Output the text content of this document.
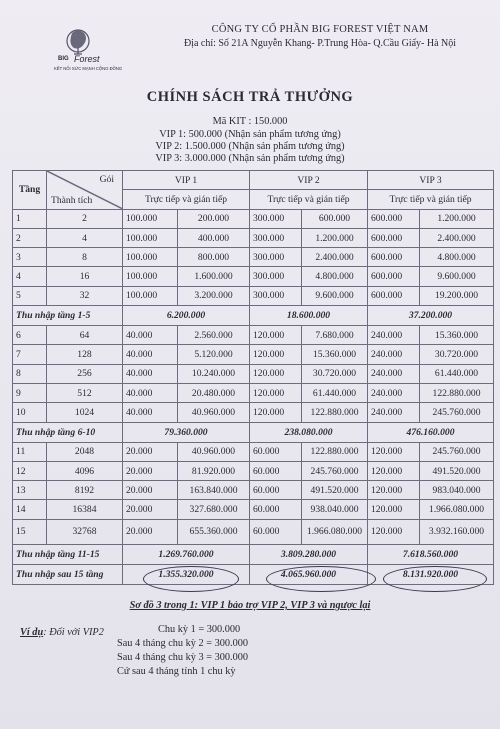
BIG Forest
KẾT NỐI SỨC MẠNH CỘNG ĐỒNG
CÔNG TY CỔ PHẦN BIG FOREST VIỆT NAM
Địa chỉ: Số 21A Nguyễn Khang- P.Trung Hòa- Q.Cầu Giấy- Hà Nội
CHÍNH SÁCH TRẢ THƯỞNG
Mã KIT : 150.000
VIP 1: 500.000 (Nhận sản phẩm tương ứng)
VIP 2: 1.500.000 (Nhận sản phẩm tương ứng)
VIP 3: 3.000.000 (Nhận sản phẩm tương ứng)
Tầng	Gói
Thành tích	VIP 1		VIP 2		VIP 3	
		Trực tiếp và gián tiếp		Trực tiếp và gián tiếp		Trực tiếp và gián tiếp	
1	2	100.000	200.000	300.000	600.000	600.000	1.200.000
2	4	100.000	400.000	300.000	1.200.000	600.000	2.400.000
3	8	100.000	800.000	300.000	2.400.000	600.000	4.800.000
4	16	100.000	1.600.000	300.000	4.800.000	600.000	9.600.000
5	32	100.000	3.200.000	300.000	9.600.000	600.000	19.200.000
Thu nhập tầng 1-5		6.200.000		18.600.000		37.200.000	
6	64	40.000	2.560.000	120.000	7.680.000	240.000	15.360.000
7	128	40.000	5.120.000	120.000	15.360.000	240.000	30.720.000
8	256	40.000	10.240.000	120.000	30.720.000	240.000	61.440.000
9	512	40.000	20.480.000	120.000	61.440.000	240.000	122.880.000
10	1024	40.000	40.960.000	120.000	122.880.000	240.000	245.760.000
Thu nhập tầng 6-10		79.360.000		238.080.000		476.160.000	
11	2048	20.000	40.960.000	60.000	122.880.000	120.000	245.760.000
12	4096	20.000	81.920.000	60.000	245.760.000	120.000	491.520.000
13	8192	20.000	163.840.000	60.000	491.520.000	120.000	983.040.000
14	16384	20.000	327.680.000	60.000	938.040.000	120.000	1.966.080.000
15	32768	20.000	655.360.000	60.000	1.966.080.000	120.000	3.932.160.000
Thu nhập tầng 11-15		1.269.760.000		3.809.280.000		7.618.560.000	
Thu nhập sau 15 tầng		1.355.320.000		4.065.960.000		8.131.920.000	
Sơ đồ 3 trong 1: VIP 1 bảo trợ VIP 2, VIP 3 và ngược lại
Ví dụ: Đối với VIP2	Chu kỳ 1 = 300.000
Sau 4 tháng chu kỳ 2 = 300.000
Sau 4 tháng chu kỳ 3 = 300.000
Cứ sau 4 tháng tính 1 chu kỳ
